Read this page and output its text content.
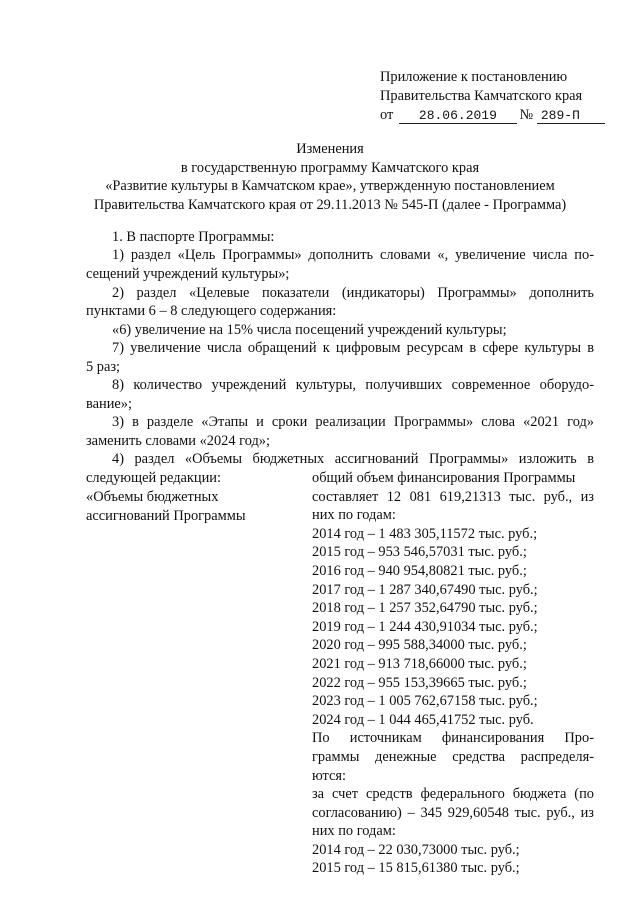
Приложение к постановлению
Правительства Камчатского края
от 28.06.2019 № 289-П
Изменения
в государственную программу Камчатского края
«Развитие культуры в Камчатском крае», утвержденную постановлением
Правительства Камчатского края от 29.11.2013 № 545-П (далее - Программа)
1. В паспорте Программы:
1) раздел «Цель Программы» дополнить словами «, увеличение числа по-
сещений учреждений культуры»;
2) раздел «Целевые показатели (индикаторы) Программы» дополнить
пунктами 6 – 8 следующего содержания:
«6) увеличение на 15% числа посещений учреждений культуры;
7) увеличение числа обращений к цифровым ресурсам в сфере культуры в
5 раз;
8) количество учреждений культуры, получивших современное оборудо-
вание»;
3) в разделе «Этапы и сроки реализации Программы» слова «2021 год»
заменить словами «2024 год»;
4) раздел «Объемы бюджетных ассигнований Программы» изложить в
следующей редакции:
«Объемы бюджетных
ассигнований Программы
общий объем финансирования Программы
составляет 12 081 619,21313 тыс. руб., из
них по годам:
2014 год – 1 483 305,11572 тыс. руб.;
2015 год – 953 546,57031 тыс. руб.;
2016 год – 940 954,80821 тыс. руб.;
2017 год – 1 287 340,67490 тыс. руб.;
2018 год – 1 257 352,64790 тыс. руб.;
2019 год – 1 244 430,91034 тыс. руб.;
2020 год – 995 588,34000 тыс. руб.;
2021 год – 913 718,66000 тыс. руб.;
2022 год – 955 153,39665 тыс. руб.;
2023 год – 1 005 762,67158 тыс. руб.;
2024 год – 1 044 465,41752 тыс. руб.
По источникам финансирования Про-
граммы денежные средства распределя-
ются:
за счет средств федерального бюджета (по
согласованию) – 345 929,60548 тыс. руб., из
них по годам:
2014 год – 22 030,73000 тыс. руб.;
2015 год – 15 815,61380 тыс. руб.;
